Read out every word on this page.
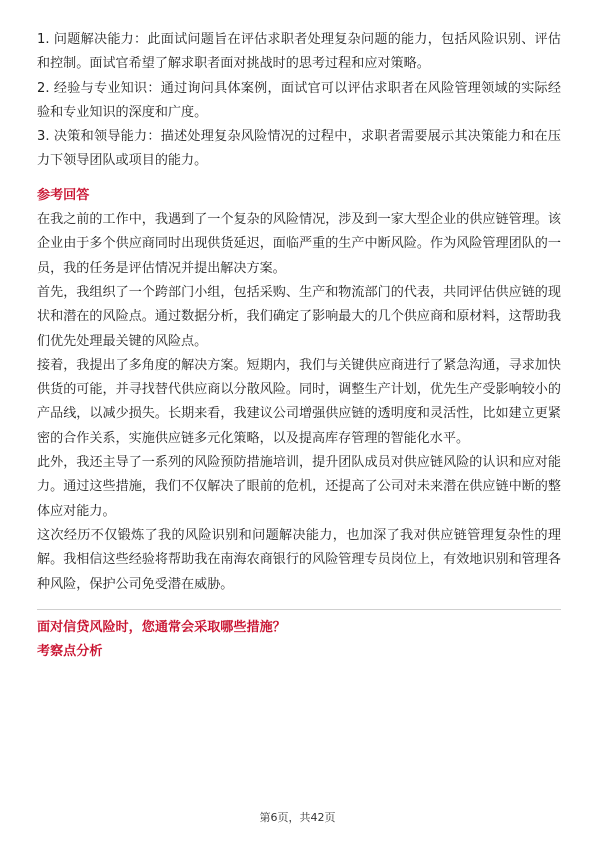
1. 问题解决能力：此面试问题旨在评估求职者处理复杂问题的能力，包括风险识别、评估和控制。面试官希望了解求职者面对挑战时的思考过程和应对策略。

2. 经验与专业知识：通过询问具体案例，面试官可以评估求职者在风险管理领域的实际经验和专业知识的深度和广度。

3. 决策和领导能力：描述处理复杂风险情况的过程中，求职者需要展示其决策能力和在压力下领导团队或项目的能力。

参考回答

在我之前的工作中，我遇到了一个复杂的风险情况，涉及到一家大型企业的供应链管理。该企业由于多个供应商同时出现供货延迟，面临严重的生产中断风险。作为风险管理团队的一员，我的任务是评估情况并提出解决方案。

首先，我组织了一个跨部门小组，包括采购、生产和物流部门的代表，共同评估供应链的现状和潜在的风险点。通过数据分析，我们确定了影响最大的几个供应商和原材料，这帮助我们优先处理最关键的风险点。

接着，我提出了多角度的解决方案。短期内，我们与关键供应商进行了紧急沟通，寻求加快供货的可能，并寻找替代供应商以分散风险。同时，调整生产计划，优先生产受影响较小的产品线，以减少损失。长期来看，我建议公司增强供应链的透明度和灵活性，比如建立更紧密的合作关系，实施供应链多元化策略，以及提高库存管理的智能化水平。

此外，我还主导了一系列的风险预防措施培训，提升团队成员对供应链风险的认识和应对能力。通过这些措施，我们不仅解决了眼前的危机，还提高了公司对未来潜在供应链中断的整体应对能力。

这次经历不仅锻炼了我的风险识别和问题解决能力，也加深了我对供应链管理复杂性的理解。我相信这些经验将帮助我在南海农商银行的风险管理专员岗位上，有效地识别和管理各种风险，保护公司免受潜在威胁。

面对信贷风险时，您通常会采取哪些措施？

考察点分析

第6页，共42页
